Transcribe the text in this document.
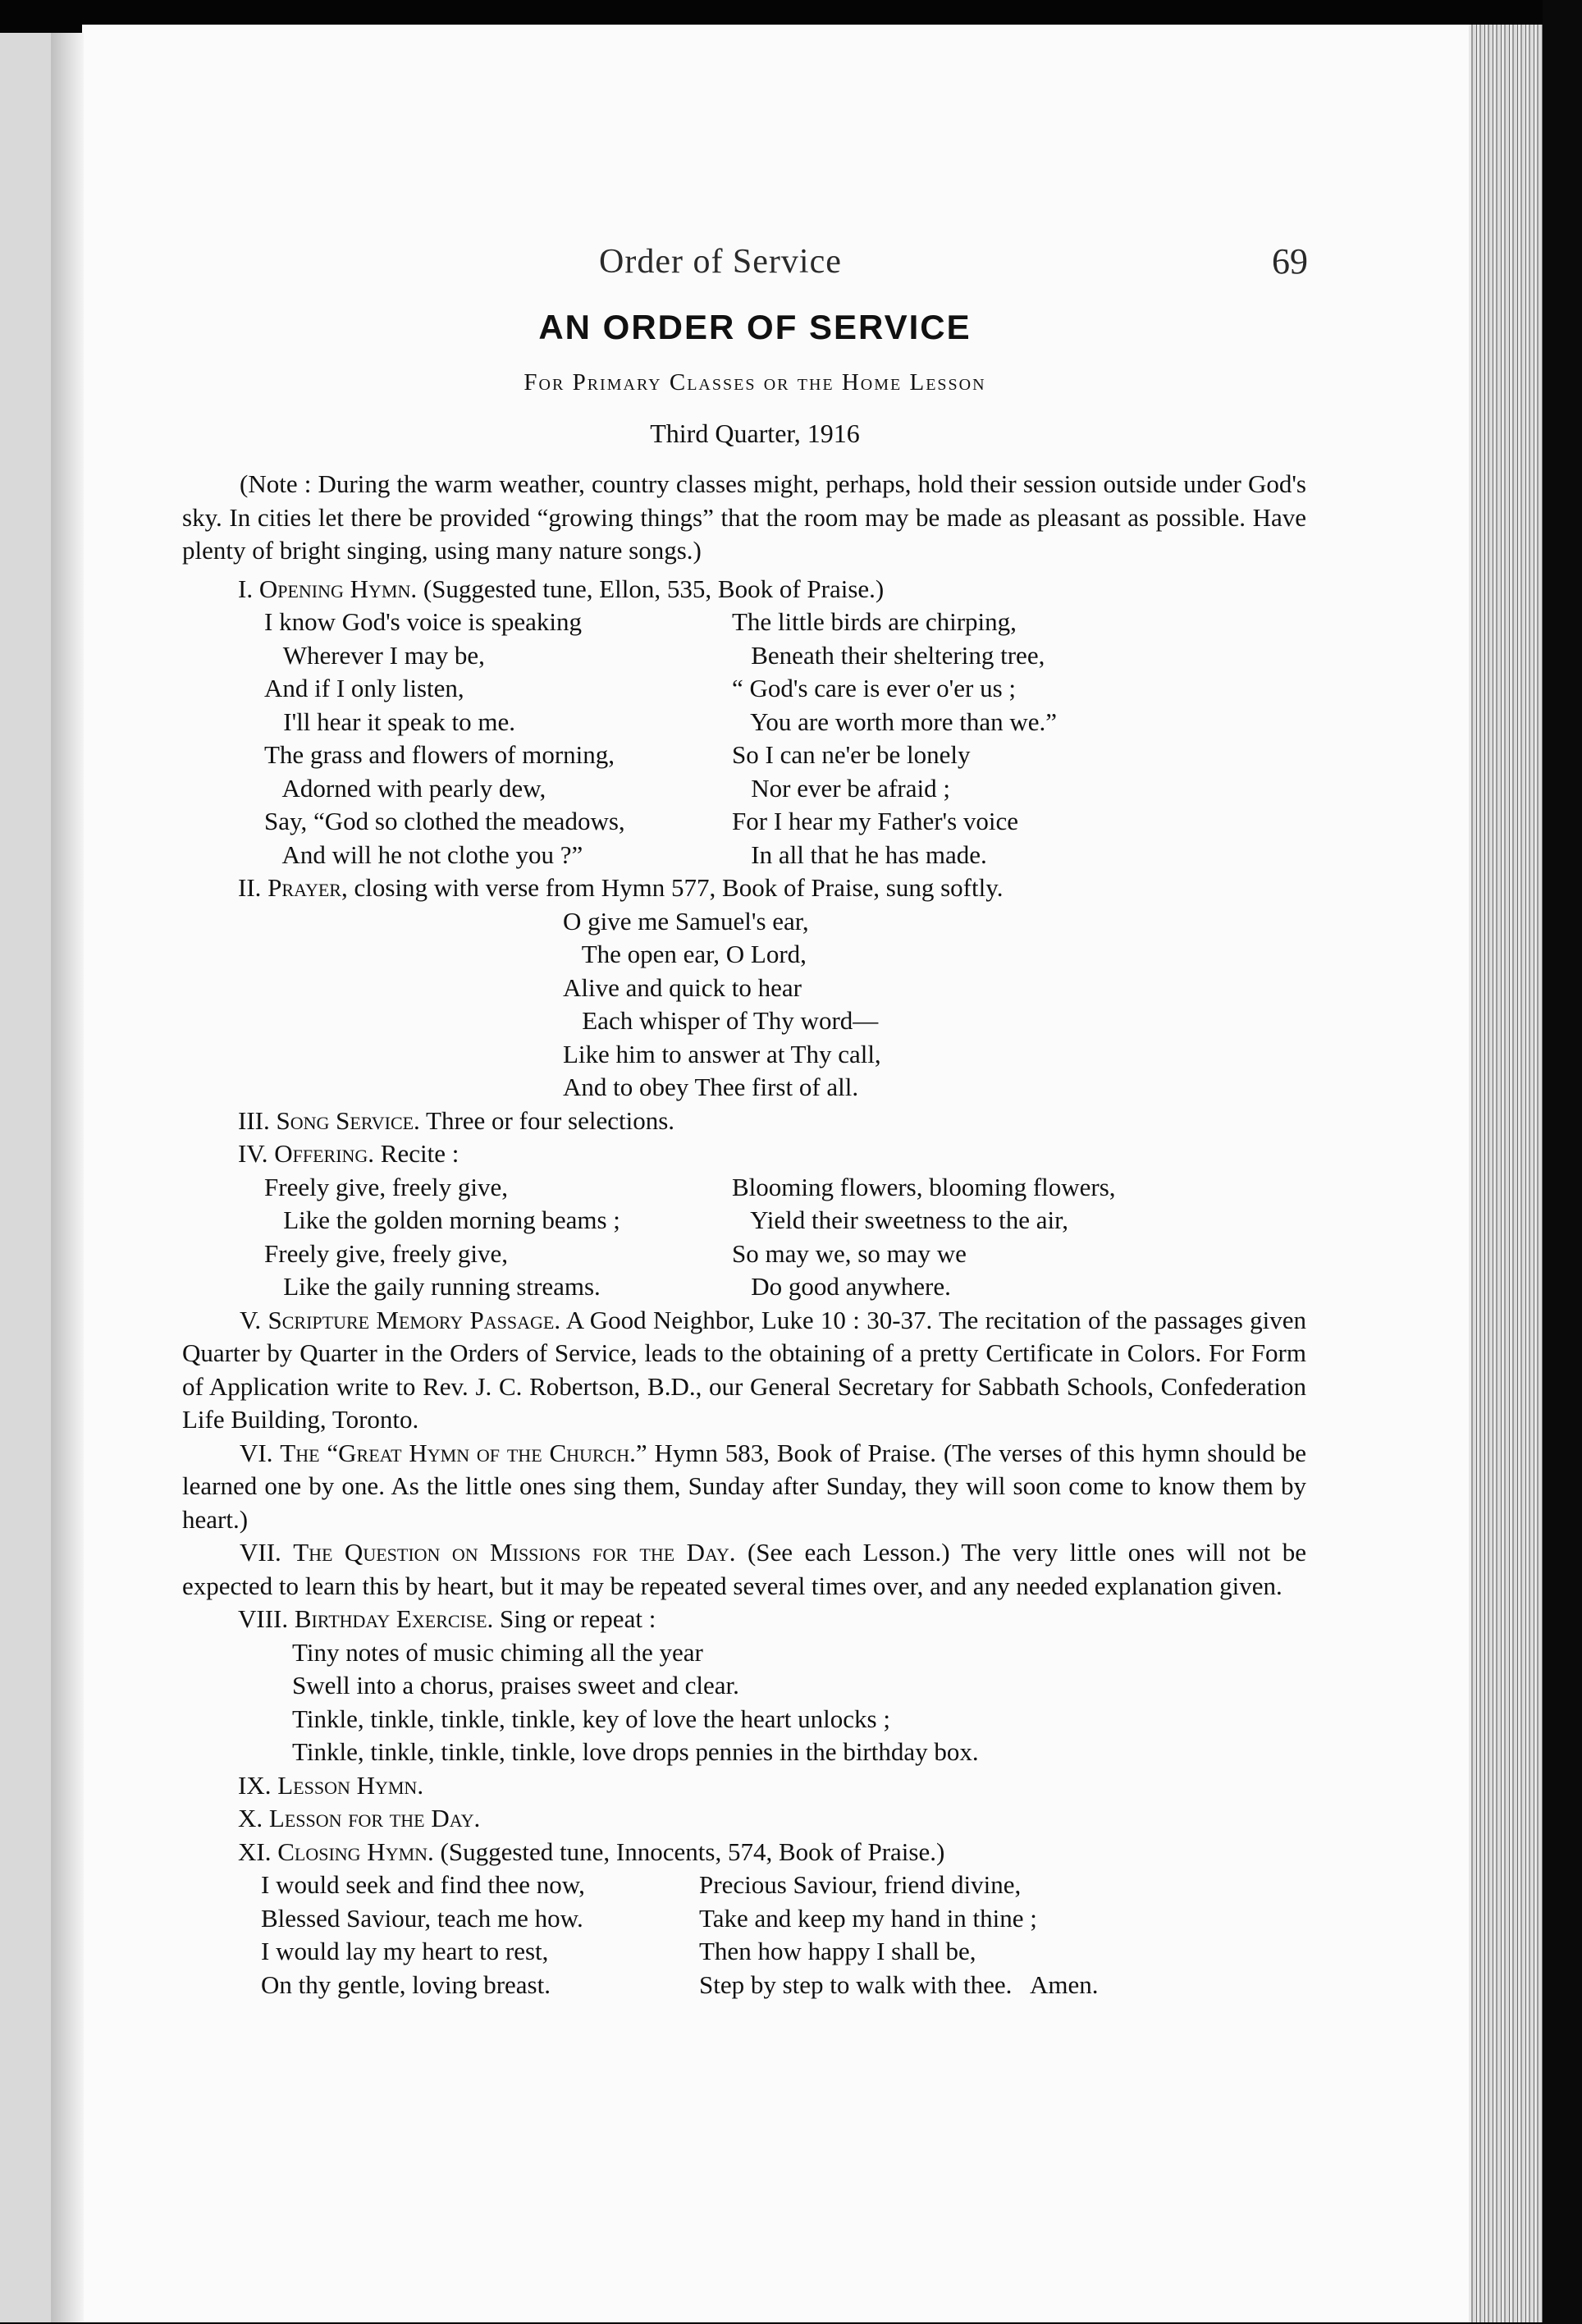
Order of Service	69
AN ORDER OF SERVICE
For Primary Classes or the Home Lesson
Third Quarter, 1916

(Note : During the warm weather, country classes might, perhaps, hold their session outside under God's sky. In cities let there be provided “growing things” that the room may be made as pleasant as possible. Have plenty of bright singing, using many nature songs.)

I. Opening Hymn. (Suggested tune, Ellon, 535, Book of Praise.)

I know God's voice is speaking
Wherever I may be,
And if I only listen,
I'll hear it speak to me.
The grass and flowers of morning,
Adorned with pearly dew,
Say, “God so clothed the meadows,
And will he not clothe you ?”
The little birds are chirping,
Beneath their sheltering tree,
“ God's care is ever o'er us ;
You are worth more than we.”
So I can ne'er be lonely
Nor ever be afraid ;
For I hear my Father's voice
In all that he has made.

II. Prayer, closing with verse from Hymn 577, Book of Praise, sung softly.

O give me Samuel's ear,
The open ear, O Lord,
Alive and quick to hear
Each whisper of Thy word—
Like him to answer at Thy call,
And to obey Thee first of all.

III. Song Service. Three or four selections.

IV. Offering. Recite :

Freely give, freely give,
Like the golden morning beams ;
Freely give, freely give,
Like the gaily running streams.
Blooming flowers, blooming flowers,
Yield their sweetness to the air,
So may we, so may we
Do good anywhere.

V. Scripture Memory Passage. A Good Neighbor, Luke 10 : 30-37. The recitation of the passages given Quarter by Quarter in the Orders of Service, leads to the obtaining of a pretty Certificate in Colors. For Form of Application write to Rev. J. C. Robertson, B.D., our General Secretary for Sabbath Schools, Confederation Life Building, Toronto.

VI. The “Great Hymn of the Church.” Hymn 583, Book of Praise. (The verses of this hymn should be learned one by one. As the little ones sing them, Sunday after Sunday, they will soon come to know them by heart.)

VII. The Question on Missions for the Day. (See each Lesson.) The very little ones will not be expected to learn this by heart, but it may be repeated several times over, and any needed explanation given.

VIII. Birthday Exercise. Sing or repeat :

Tiny notes of music chiming all the year
Swell into a chorus, praises sweet and clear.
Tinkle, tinkle, tinkle, tinkle, key of love the heart unlocks ;
Tinkle, tinkle, tinkle, tinkle, love drops pennies in the birthday box.

IX. Lesson Hymn.

X. Lesson for the Day.

XI. Closing Hymn. (Suggested tune, Innocents, 574, Book of Praise.)

I would seek and find thee now,
Blessed Saviour, teach me how.
I would lay my heart to rest,
On thy gentle, loving breast.
Precious Saviour, friend divine,
Take and keep my hand in thine ;
Then how happy I shall be,
Step by step to walk with thee.   Amen.
